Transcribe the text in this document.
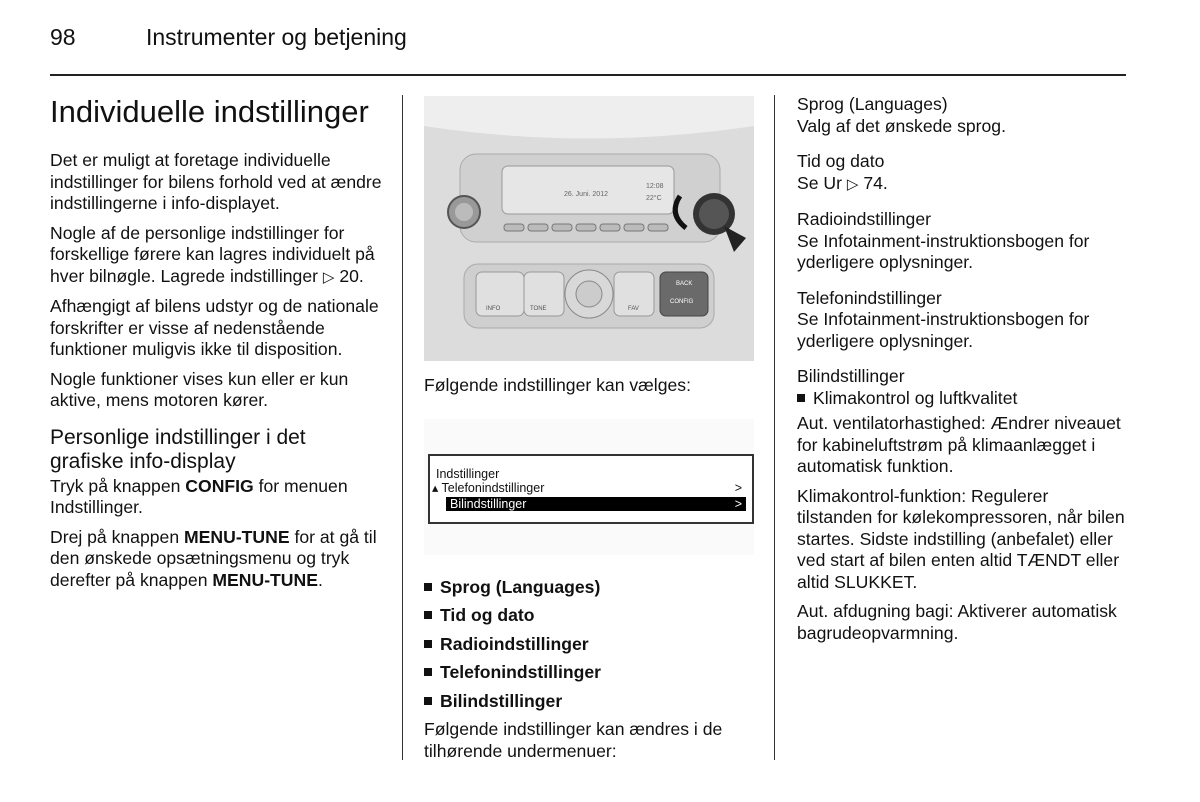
98	Instrumenter og betjening
Individuelle indstillinger

Det er muligt at foretage individuelle indstillinger for bilens forhold ved at ændre indstillingerne i info-displayet.

Nogle af de personlige indstillinger for forskellige førere kan lagres individuelt på hver bilnøgle. Lagrede indstillinger ▷ 20.

Afhængigt af bilens udstyr og de nationale forskrifter er visse af nedenstående funktioner muligvis ikke til disposition.

Nogle funktioner vises kun eller er kun aktive, mens motoren kører.

Personlige indstillinger i det grafiske info-display

Tryk på knappen CONFIG for menuen Indstillinger.

Drej på knappen MENU-TUNE for at gå til den ønskede opsætningsmenu og tryk derefter på knappen MENU-TUNE.

26. Juni. 2012
12:08
22°C
INFO	TONE	FAV
BACK
CONFIG

Følgende indstillinger kan vælges:

Indstillinger
▴ Telefonindstillinger	>
Bilindstillinger	>
Sprog (Languages)
Tid og dato
Radioindstillinger
Telefonindstillinger
Bilindstillinger

Følgende indstillinger kan ændres i de tilhørende undermenuer:

Sprog (Languages)
Valg af det ønskede sprog.
Tid og dato
Se Ur ▷ 74.
Radioindstillinger
Se Infotainment-instruktionsbogen for yderligere oplysninger.
Telefonindstillinger
Se Infotainment-instruktionsbogen for yderligere oplysninger.
Bilindstillinger
Klimakontrol og luftkvalitet

Aut. ventilatorhastighed: Ændrer niveauet for kabineluftstrøm på klimaanlægget i automatisk funktion.

Klimakontrol-funktion: Regulerer tilstanden for kølekompressoren, når bilen startes. Sidste indstilling (anbefalet) eller ved start af bilen enten altid TÆNDT eller altid SLUKKET.

Aut. afdugning bagi: Aktiverer automatisk bagrudeopvarmning.
